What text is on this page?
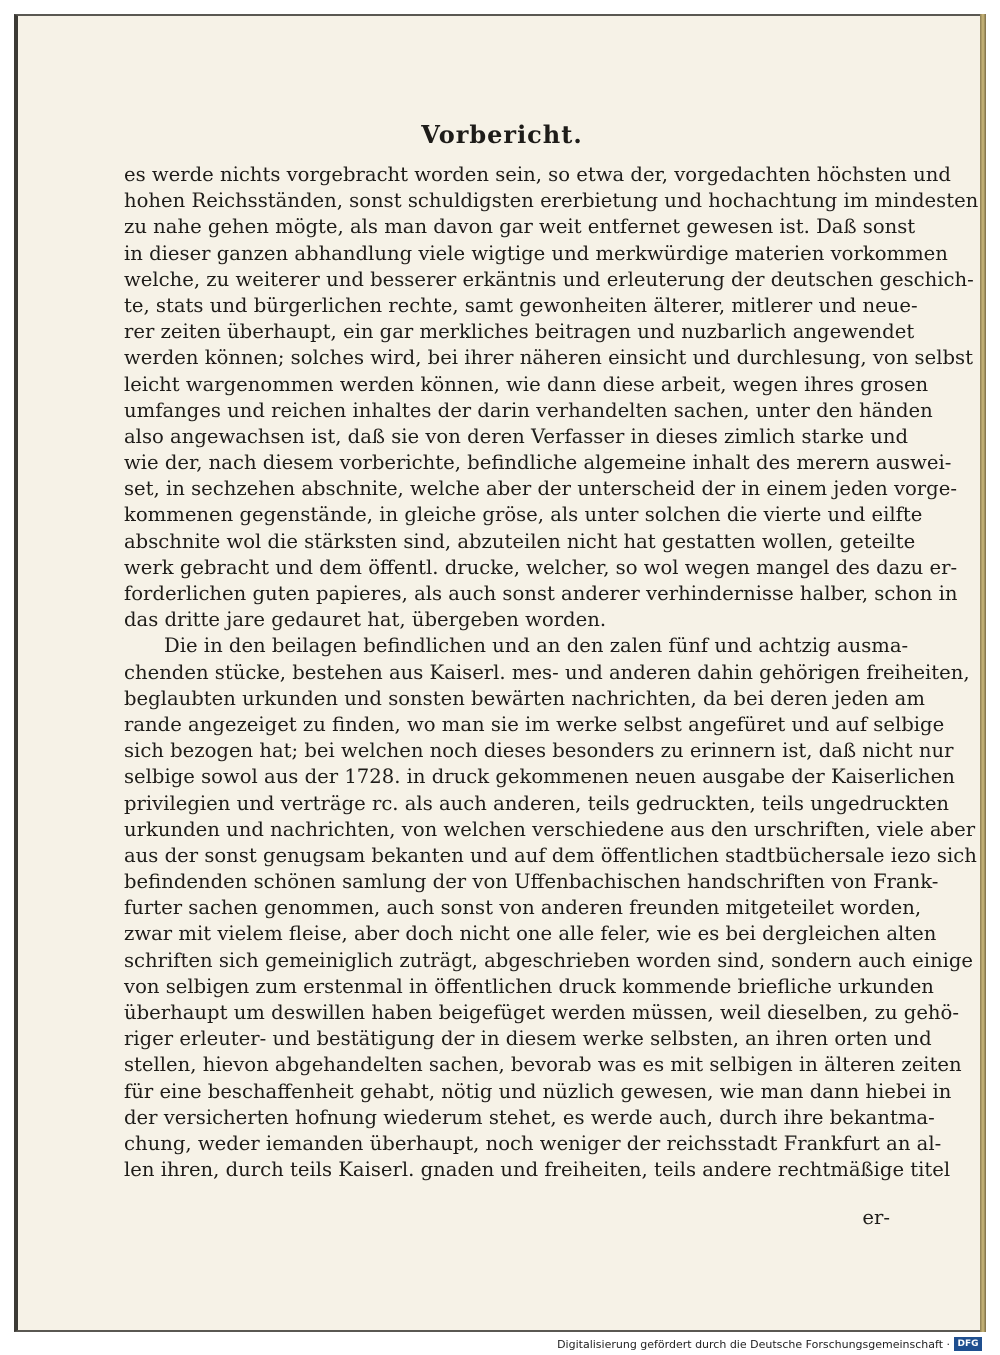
Vorbericht.
es werde nichts vorgebracht worden sein, so etwa der, vorgedachten höchsten und
hohen Reichsständen, sonst schuldigsten ererbietung und hochachtung im mindesten
zu nahe gehen mögte, als man davon gar weit entfernet gewesen ist. Daß sonst
in dieser ganzen abhandlung viele wigtige und merkwürdige materien vorkommen
welche, zu weiterer und besserer erkäntnis und erleuterung der deutschen geschich-
te, stats und bürgerlichen rechte, samt gewonheiten älterer, mitlerer und neue-
rer zeiten überhaupt, ein gar merkliches beitragen und nuzbarlich angewendet
werden können; solches wird, bei ihrer näheren einsicht und durchlesung, von selbst
leicht wargenommen werden können, wie dann diese arbeit, wegen ihres grosen
umfanges und reichen inhaltes der darin verhandelten sachen, unter den händen
also angewachsen ist, daß sie von deren Verfasser in dieses zimlich starke und
wie der, nach diesem vorberichte, befindliche algemeine inhalt des merern auswei-
set, in sechzehen abschnite, welche aber der unterscheid der in einem jeden vorge-
kommenen gegenstände, in gleiche gröse, als unter solchen die vierte und eilfte
abschnite wol die stärksten sind, abzuteilen nicht hat gestatten wollen, geteilte
werk gebracht und dem öffentl. drucke, welcher, so wol wegen mangel des dazu er-
forderlichen guten papieres, als auch sonst anderer verhindernisse halber, schon in
das dritte jare gedauret hat, übergeben worden.
Die in den beilagen befindlichen und an den zalen fünf und achtzig ausma-
chenden stücke, bestehen aus Kaiserl. mes- und anderen dahin gehörigen freiheiten,
beglaubten urkunden und sonsten bewärten nachrichten, da bei deren jeden am
rande angezeiget zu finden, wo man sie im werke selbst angefüret und auf selbige
sich bezogen hat; bei welchen noch dieses besonders zu erinnern ist, daß nicht nur
selbige sowol aus der 1728. in druck gekommenen neuen ausgabe der Kaiserlichen
privilegien und verträge rc. als auch anderen, teils gedruckten, teils ungedruckten
urkunden und nachrichten, von welchen verschiedene aus den urschriften, viele aber
aus der sonst genugsam bekanten und auf dem öffentlichen stadtbüchersale iezo sich
befindenden schönen samlung der von Uffenbachischen handschriften von Frank-
furter sachen genommen, auch sonst von anderen freunden mitgeteilet worden,
zwar mit vielem fleise, aber doch nicht one alle feler, wie es bei dergleichen alten
schriften sich gemeiniglich zuträgt, abgeschrieben worden sind, sondern auch einige
von selbigen zum erstenmal in öffentlichen druck kommende briefliche urkunden
überhaupt um deswillen haben beigefüget werden müssen, weil dieselben, zu gehö-
riger erleuter- und bestätigung der in diesem werke selbsten, an ihren orten und
stellen, hievon abgehandelten sachen, bevorab was es mit selbigen in älteren zeiten
für eine beschaffenheit gehabt, nötig und nüzlich gewesen, wie man dann hiebei in
der versicherten hofnung wiederum stehet, es werde auch, durch ihre bekantma-
chung, weder iemanden überhaupt, noch weniger der reichsstadt Frankfurt an al-
len ihren, durch teils Kaiserl. gnaden und freiheiten, teils andere rechtmäßige titel
er-
Digitalisierung gefördert durch die Deutsche Forschungsgemeinschaft · DFG
